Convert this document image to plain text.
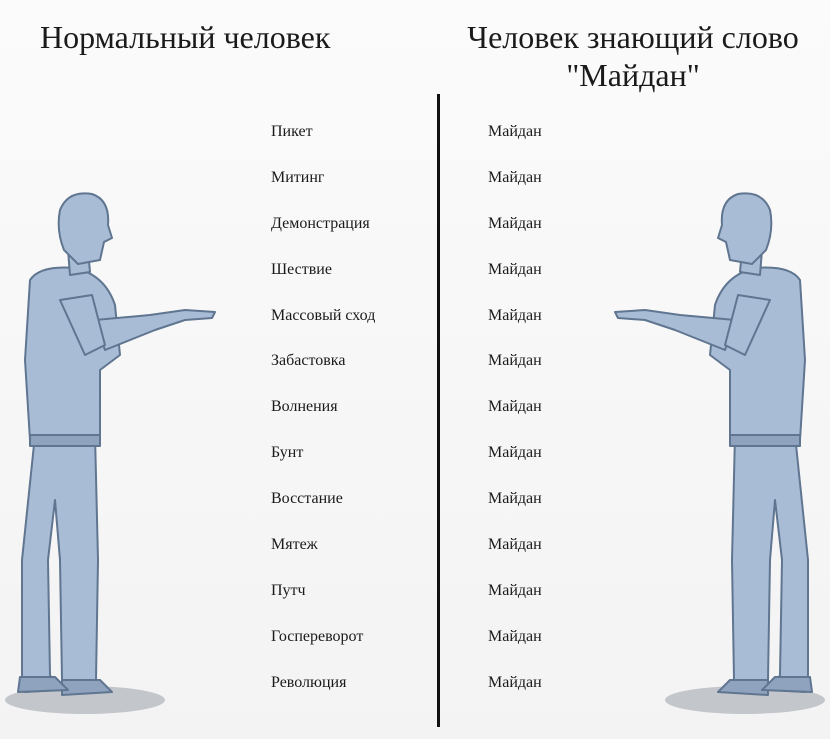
Нормальный человек	Человек знающий слово
"Майдан"
Пикет
Митинг
Демонстрация
Шествие
Массовый сход
Забастовка
Волнения
Бунт
Восстание
Мятеж
Путч
Госпереворот
Революция
Майдан
Майдан
Майдан
Майдан
Майдан
Майдан
Майдан
Майдан
Майдан
Майдан
Майдан
Майдан
Майдан
